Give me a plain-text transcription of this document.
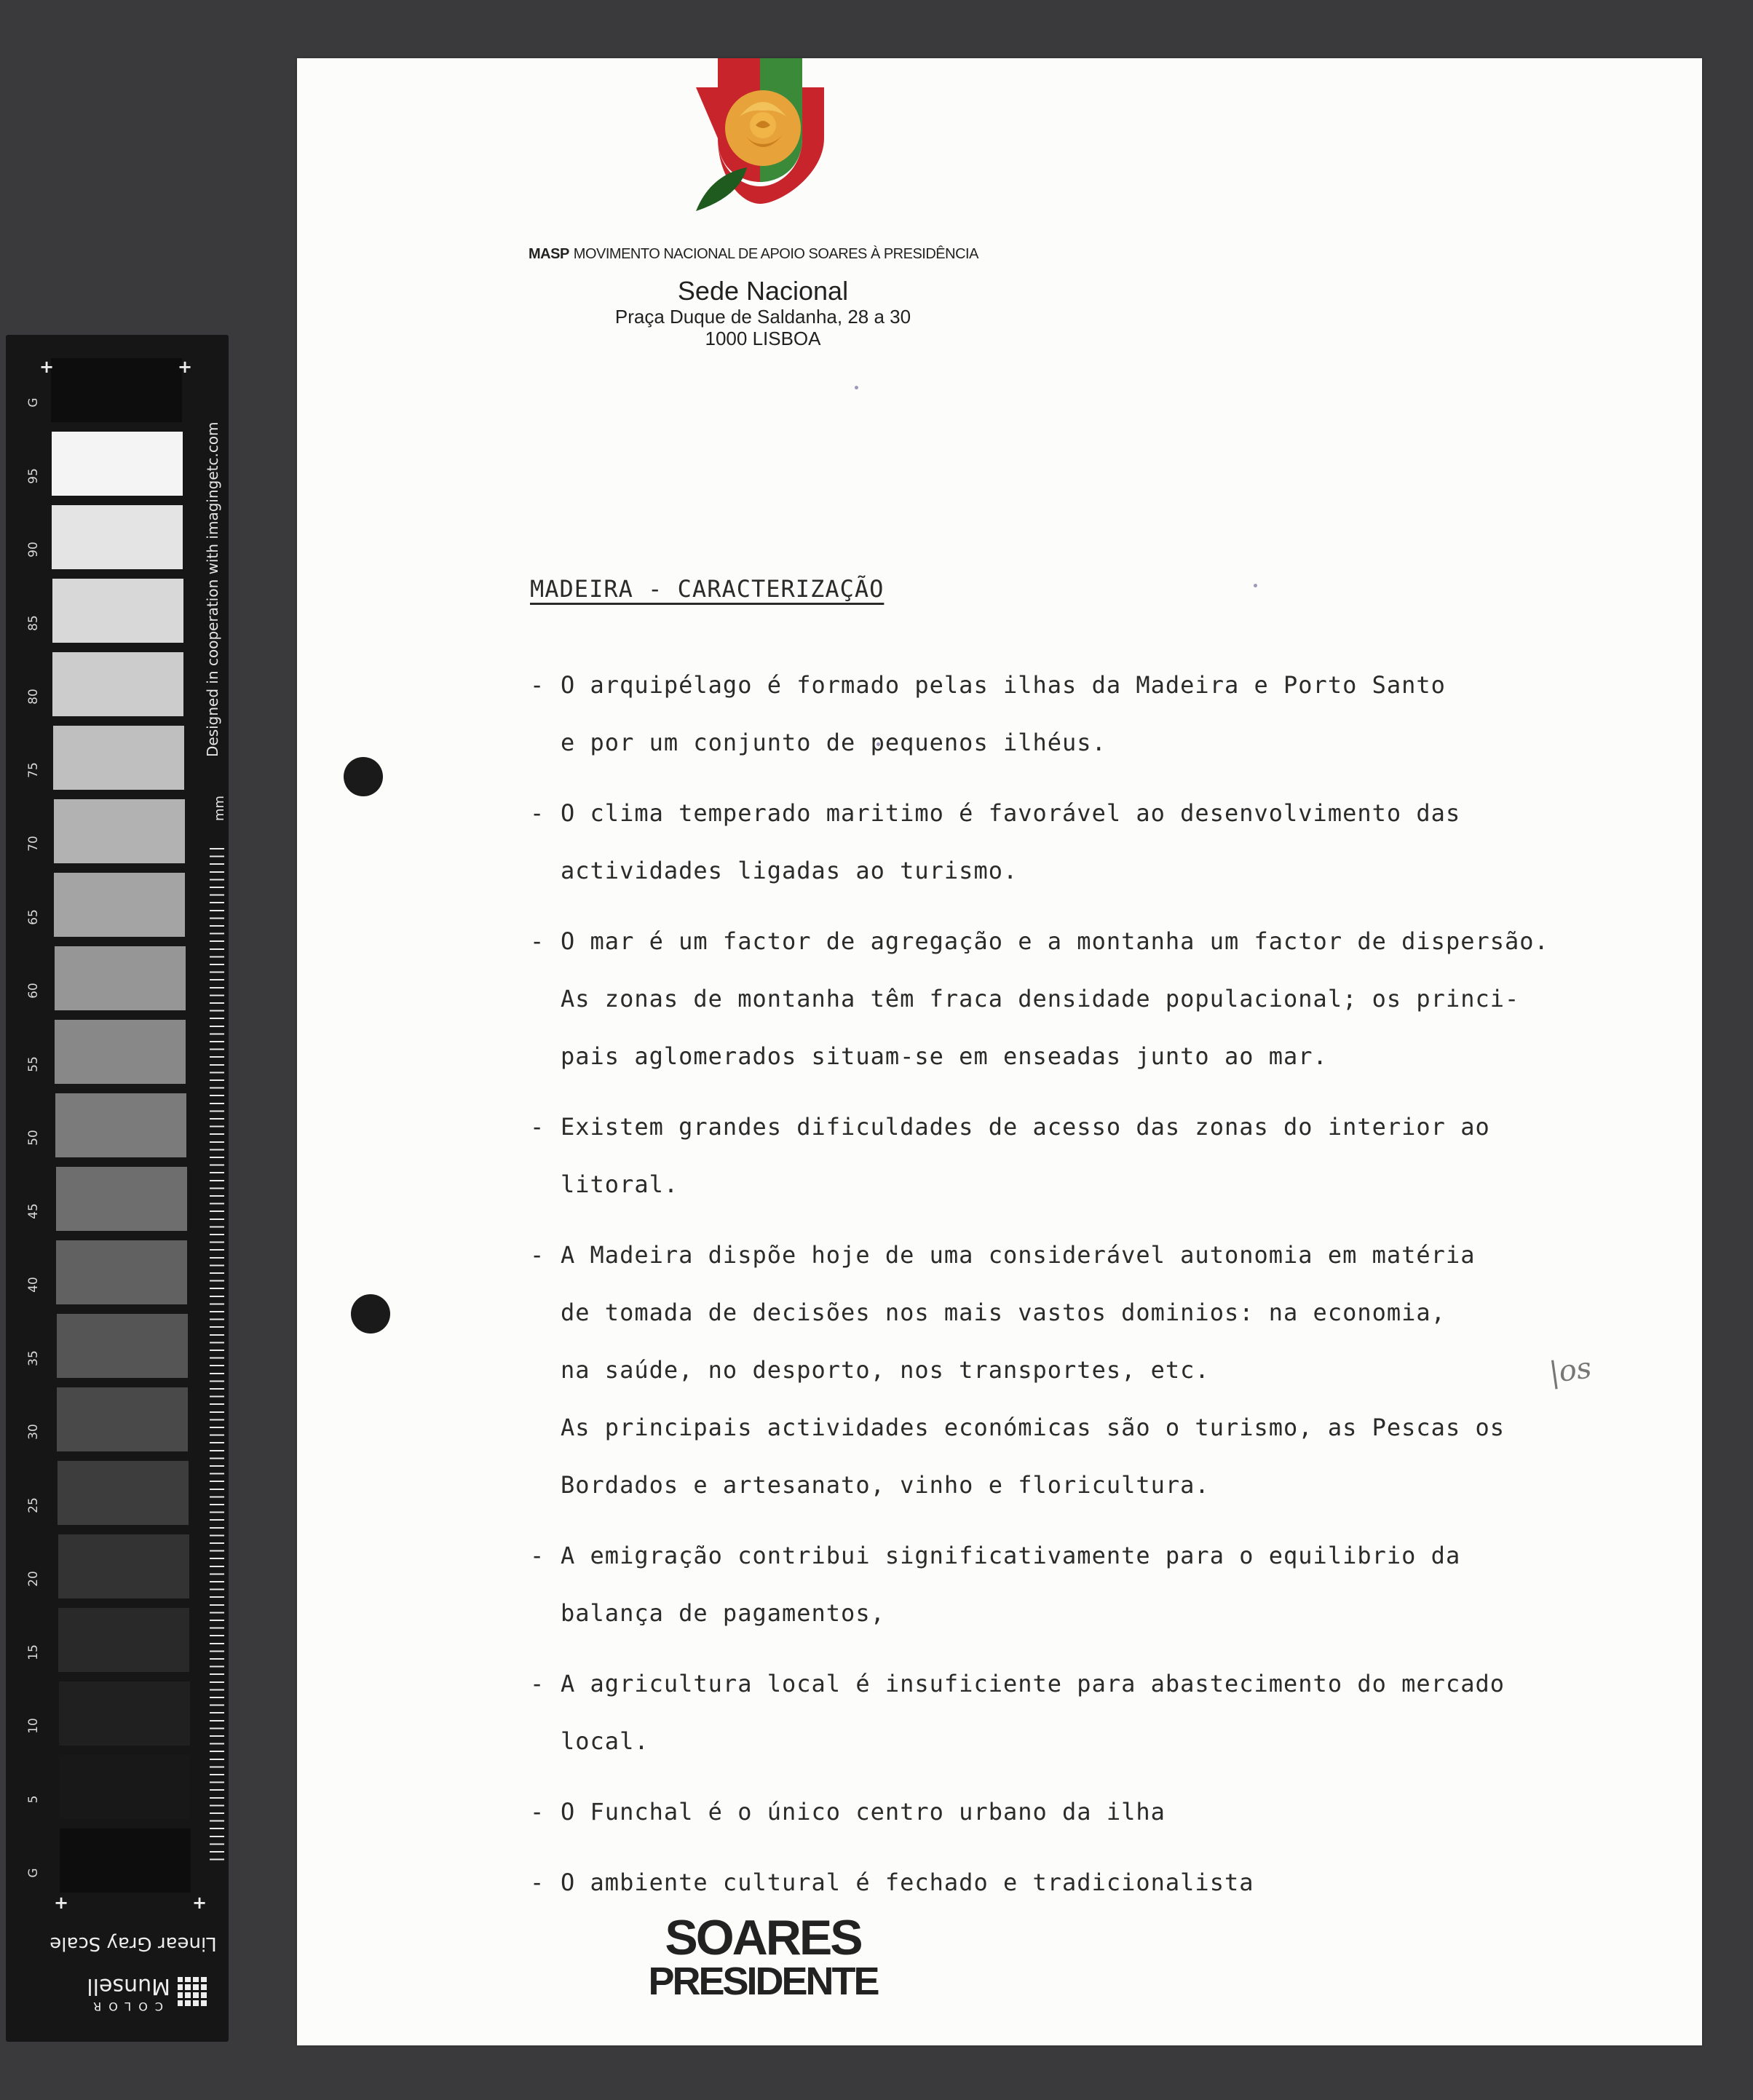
G
95
90
85
80
75
70
65
60
55
50
45
40
35
30
25
20
15
10
5
G
+	+
+	+
Designed in cooperation with imagingetc.com
mm
Linear Gray Scale
COLOR
Munsell
MASP MOVIMENTO NACIONAL DE APOIO SOARES À PRESIDÊNCIA
Sede Nacional
Praça Duque de Saldanha, 28 a 30
1000 LISBOA
MADEIRA - CARACTERIZAÇÃO
- O arquipélago é formado pelas ilhas da Madeira e Porto Santo
e por um conjunto de pequenos ilhéus.
- O clima temperado maritimo é favorável ao desenvolvimento das
actividades ligadas ao turismo.
- O mar é um factor de agregação e a montanha um factor de dispersão.
As zonas de montanha têm fraca densidade populacional; os princi-
pais aglomerados situam-se em enseadas junto ao mar.
- Existem grandes dificuldades de acesso das zonas do interior ao
litoral.
- A Madeira dispõe hoje de uma considerável autonomia em matéria
de tomada de decisões nos mais vastos dominios: na economia,
na saúde, no desporto, nos transportes, etc.
As principais actividades económicas são o turismo, as Pescas os
Bordados e artesanato, vinho e floricultura.
- A emigração contribui significativamente para o equilibrio da
balança de pagamentos,
- A agricultura local é insuficiente para abastecimento do mercado
local.
- O Funchal é o único centro urbano da ilha
- O ambiente cultural é fechado e tradicionalista
|os
SOARES
PRESIDENTE
